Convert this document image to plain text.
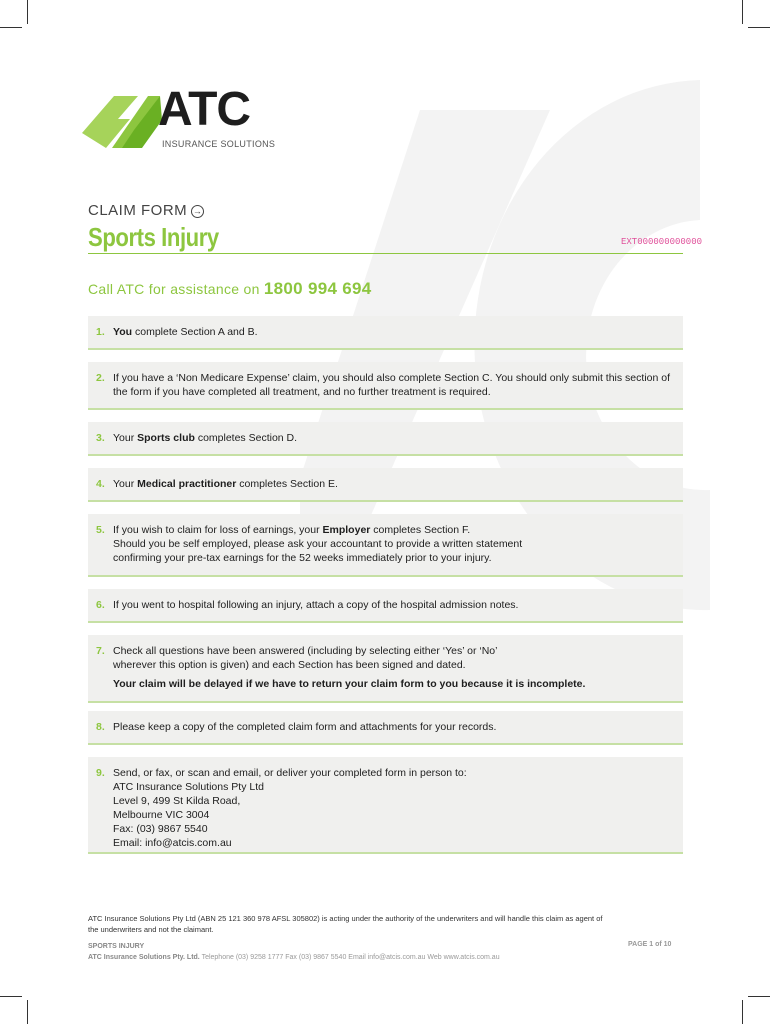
ATC
INSURANCE SOLUTIONS
CLAIM FORM →
Sports Injury	EXT000000000000
Call ATC for assistance on 1800 994 694
1. You complete Section A and B.
2. If you have a ‘Non Medicare Expense’ claim, you should also complete Section C. You should only submit this section of the form if you have completed all treatment, and no further treatment is required.
3. Your Sports club completes Section D.
4. Your Medical practitioner completes Section E.
5. If you wish to claim for loss of earnings, your Employer completes Section F.
Should you be self employed, please ask your accountant to provide a written statement
confirming your pre-tax earnings for the 52 weeks immediately prior to your injury.
6. If you went to hospital following an injury, attach a copy of the hospital admission notes.
7. Check all questions have been answered (including by selecting either ‘Yes’ or ‘No’
wherever this option is given) and each Section has been signed and dated.
Your claim will be delayed if we have to return your claim form to you because it is incomplete.
8. Please keep a copy of the completed claim form and attachments for your records.
9. Send, or fax, or scan and email, or deliver your completed form in person to:
ATC Insurance Solutions Pty Ltd
Level 9, 499 St Kilda Road,
Melbourne VIC 3004
Fax: (03) 9867 5540
Email: info@atcis.com.au
ATC Insurance Solutions Pty Ltd (ABN 25 121 360 978 AFSL 305802) is acting under the authority of the underwriters and will handle this claim as agent of the underwriters and not the claimant.
SPORTS INJURY
ATC Insurance Solutions Pty. Ltd. Telephone (03) 9258 1777 Fax (03) 9867 5540 Email info@atcis.com.au Web www.atcis.com.au
PAGE 1 of 10
